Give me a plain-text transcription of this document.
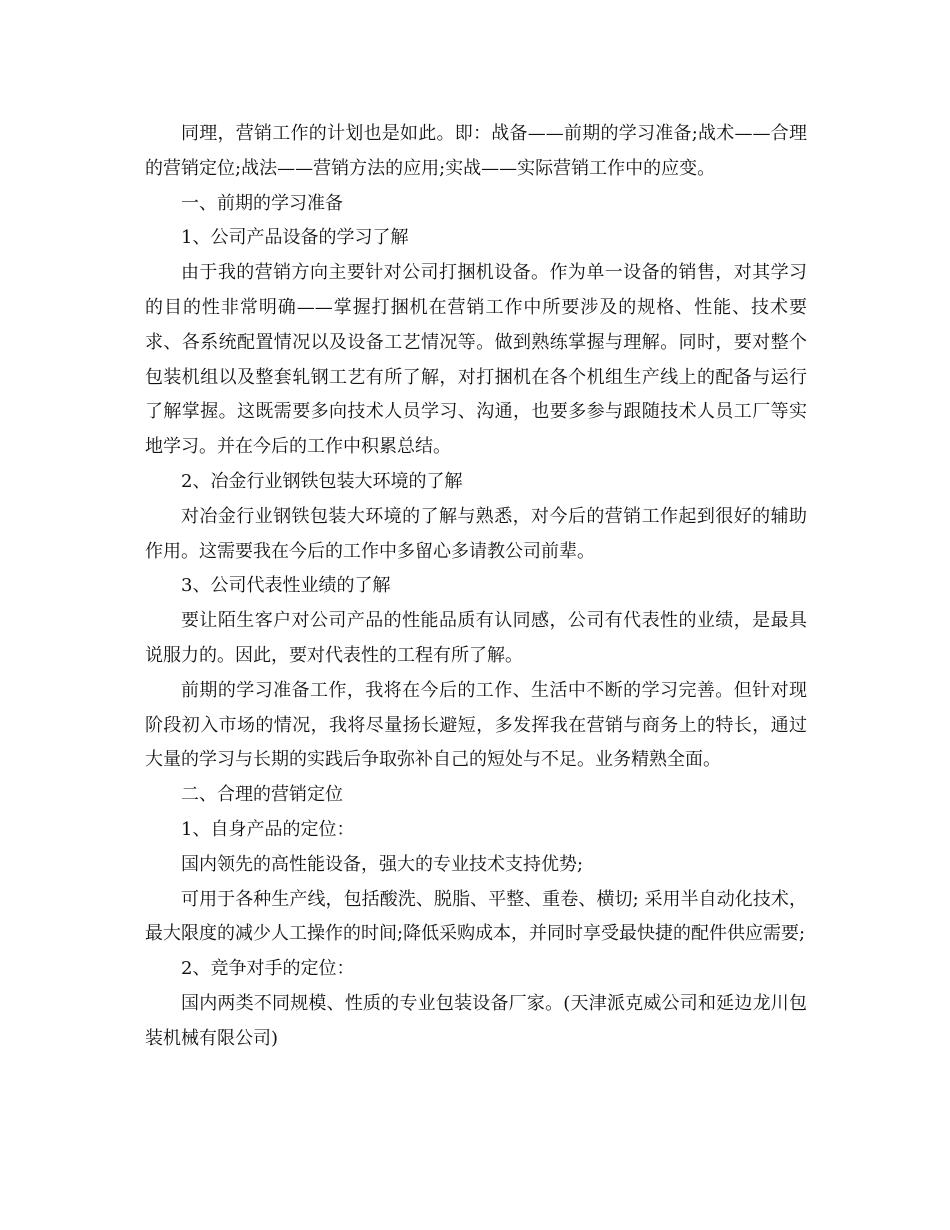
同理，营销工作的计划也是如此。即：战备——前期的学习准备;战术——合理的营销定位;战法——营销方法的应用;实战——实际营销工作中的应变。

一、前期的学习准备

1、公司产品设备的学习了解

由于我的营销方向主要针对公司打捆机设备。作为单一设备的销售，对其学习的目的性非常明确——掌握打捆机在营销工作中所要涉及的规格、性能、技术要求、各系统配置情况以及设备工艺情况等。做到熟练掌握与理解。同时，要对整个包装机组以及整套轧钢工艺有所了解，对打捆机在各个机组生产线上的配备与运行了解掌握。这既需要多向技术人员学习、沟通，也要多参与跟随技术人员工厂等实地学习。并在今后的工作中积累总结。

2、冶金行业钢铁包装大环境的了解

对冶金行业钢铁包装大环境的了解与熟悉，对今后的营销工作起到很好的辅助作用。这需要我在今后的工作中多留心多请教公司前辈。

3、公司代表性业绩的了解

要让陌生客户对公司产品的性能品质有认同感，公司有代表性的业绩，是最具说服力的。因此，要对代表性的工程有所了解。

前期的学习准备工作，我将在今后的工作、生活中不断的学习完善。但针对现阶段初入市场的情况，我将尽量扬长避短，多发挥我在营销与商务上的特长，通过大量的学习与长期的实践后争取弥补自己的短处与不足。业务精熟全面。

二、合理的营销定位

1、自身产品的定位：

国内领先的高性能设备，强大的专业技术支持优势;

可用于各种生产线，包括酸洗、脱脂、平整、重卷、横切; 采用半自动化技术，最大限度的减少人工操作的时间;降低采购成本，并同时享受最快捷的配件供应需要;

2、竞争对手的定位：

国内两类不同规模、性质的专业包装设备厂家。(天津派克威公司和延边龙川包装机械有限公司)
